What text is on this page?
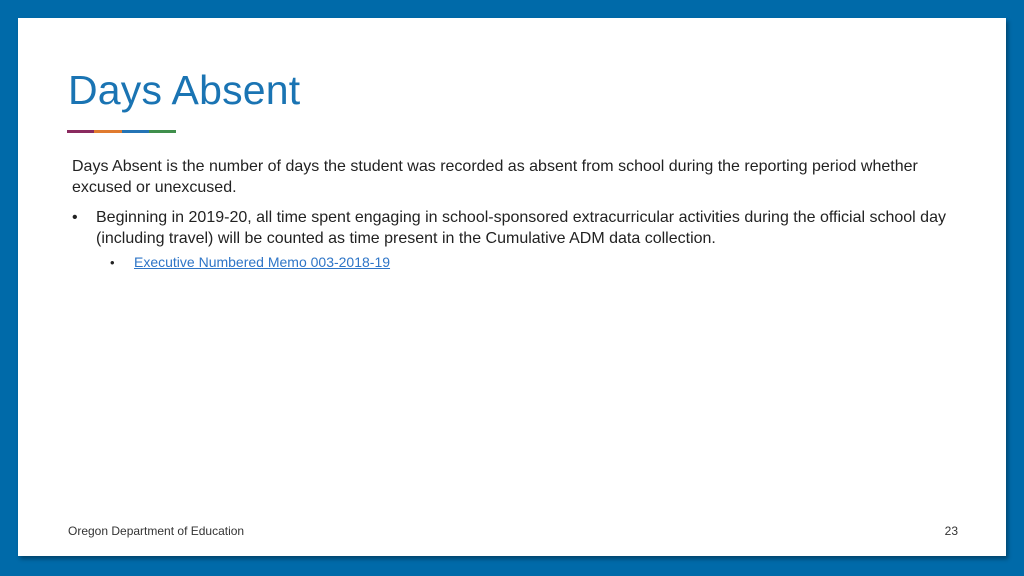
Days Absent

Days Absent is the number of days the student was recorded as absent from school during the reporting period whether excused or unexcused.

•	Beginning in 2019-20, all time spent engaging in school-sponsored extracurricular activities during the official school day (including travel) will be counted as time present in the Cumulative ADM data collection.
•	Executive Numbered Memo 003-2018-19
Oregon Department of Education	23
